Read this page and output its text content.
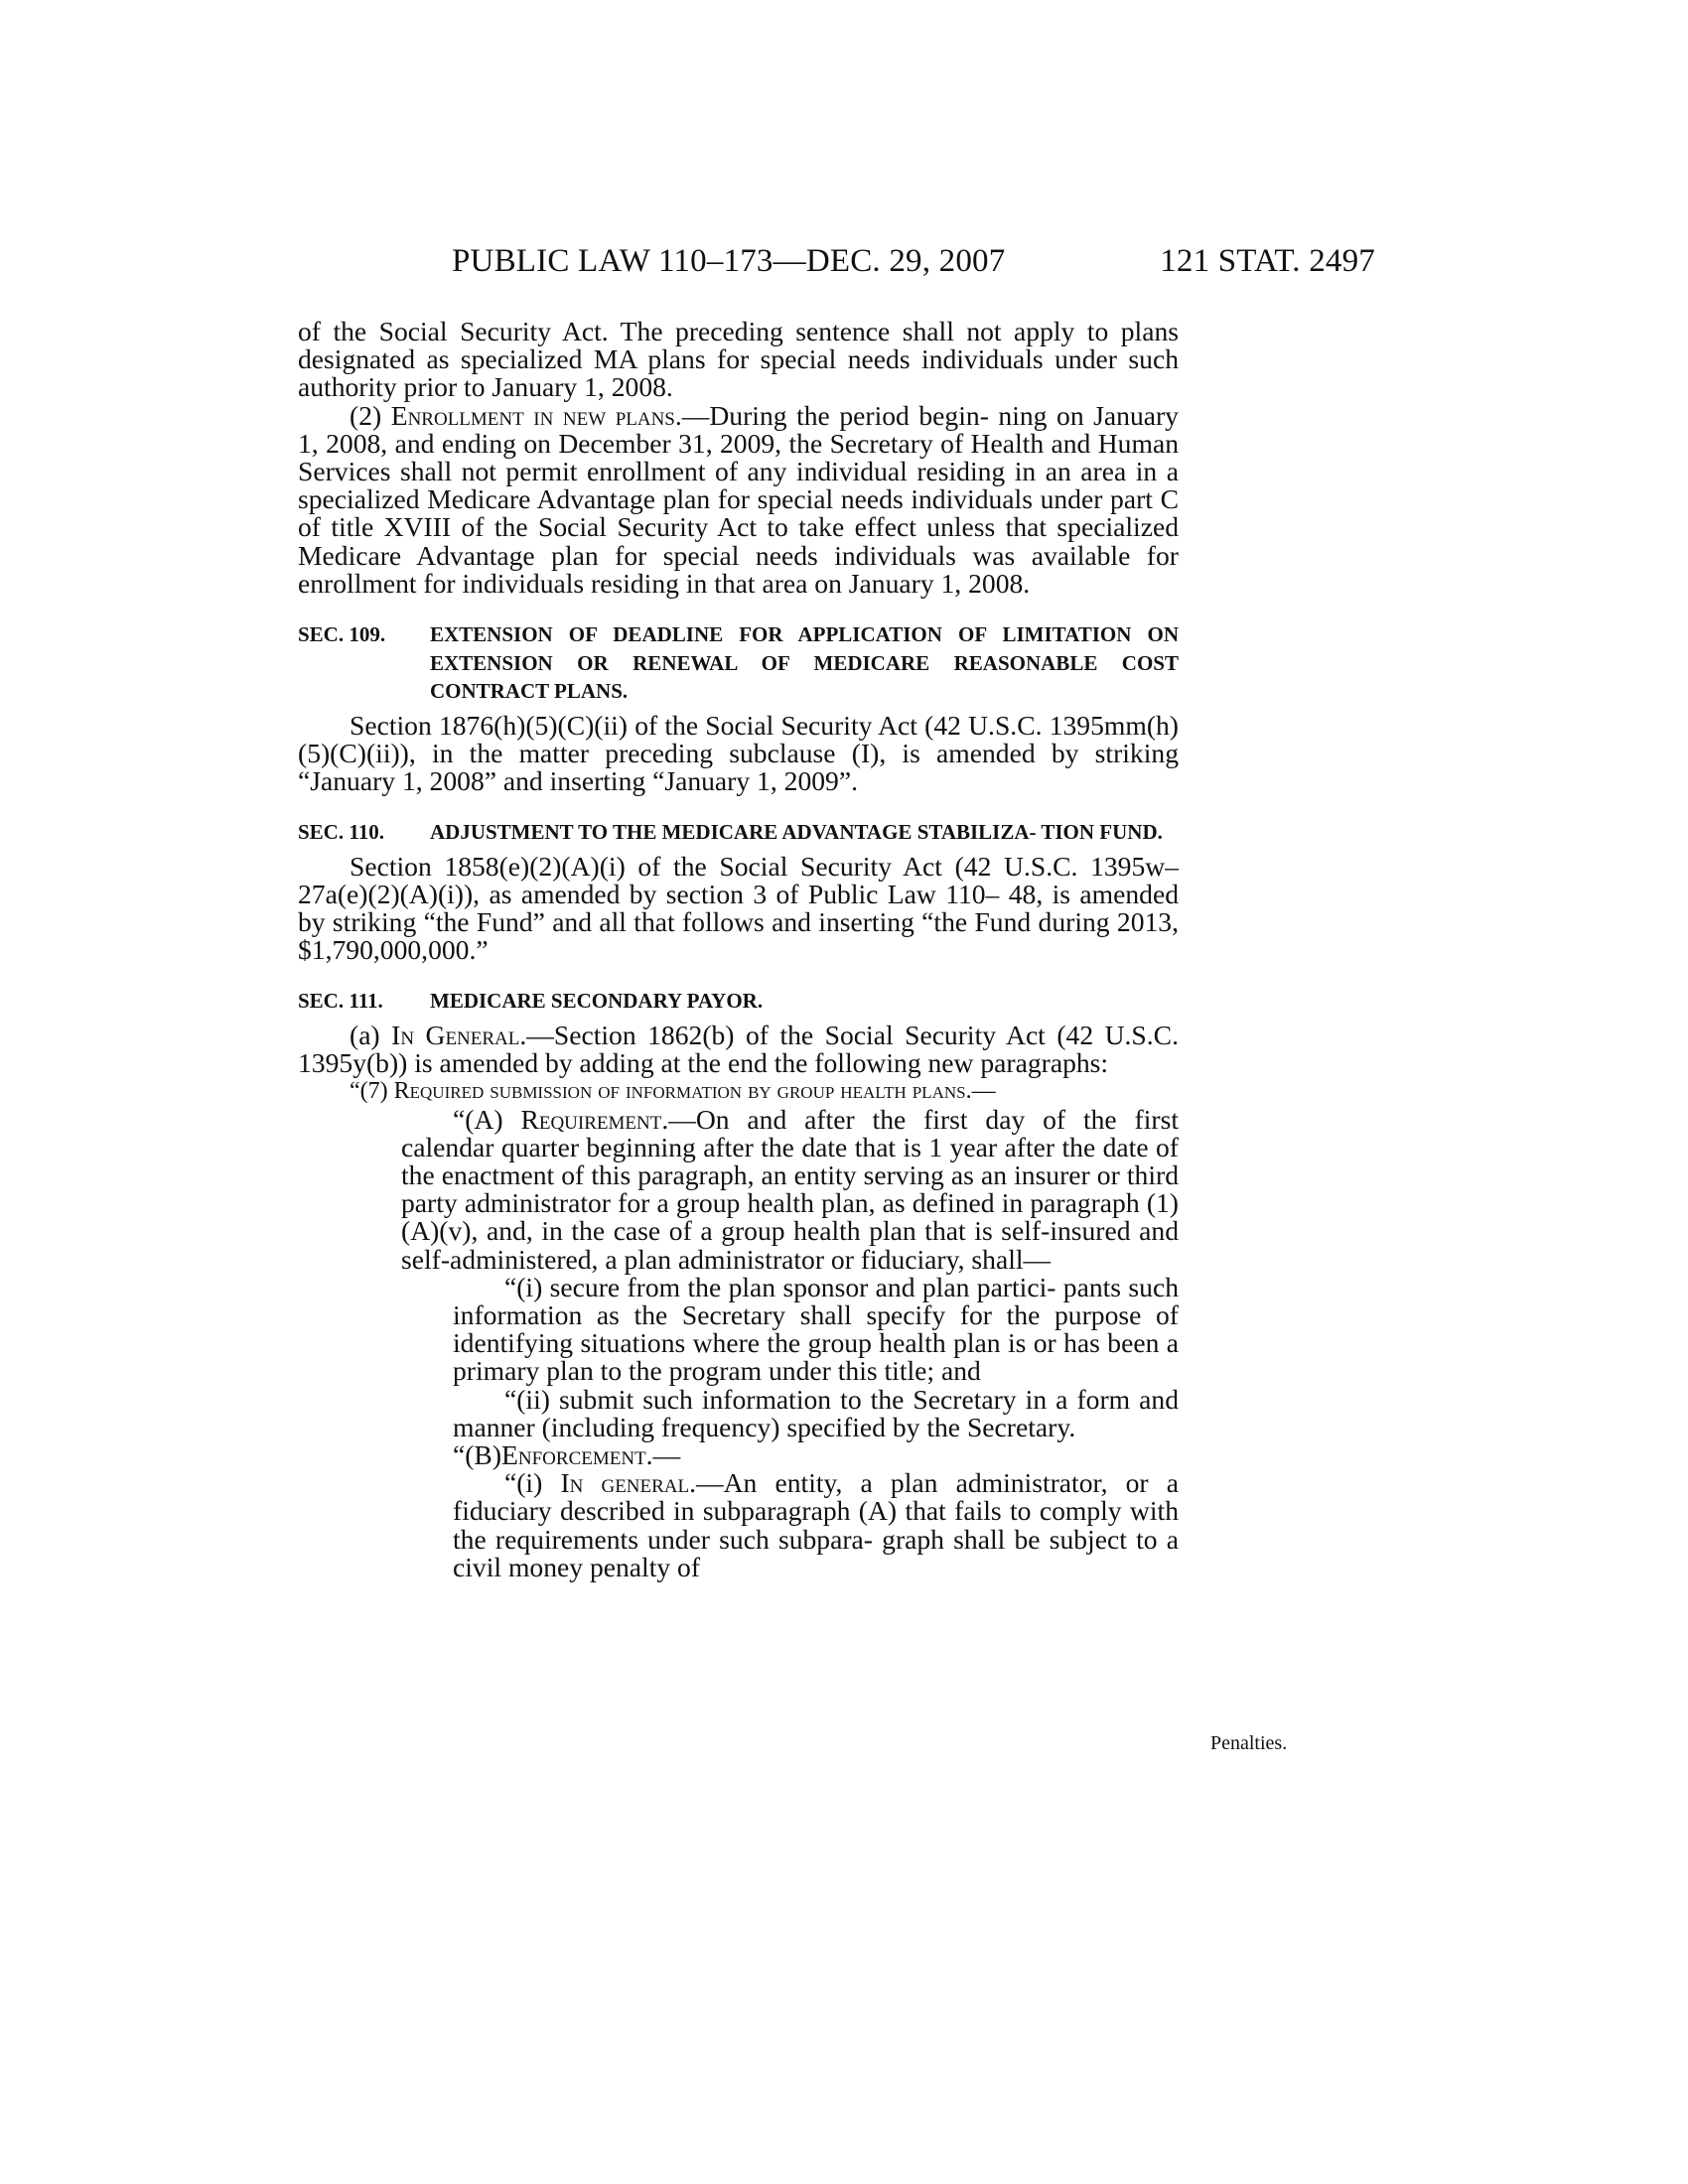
PUBLIC LAW 110–173—DEC. 29, 2007	121 STAT. 2497

of the Social Security Act. The preceding sentence shall not apply to plans designated as specialized MA plans for special needs individuals under such authority prior to January 1, 2008.

(2) Enrollment in new plans.—During the period begin- ning on January 1, 2008, and ending on December 31, 2009, the Secretary of Health and Human Services shall not permit enrollment of any individual residing in an area in a specialized Medicare Advantage plan for special needs individuals under part C of title XVIII of the Social Security Act to take effect unless that specialized Medicare Advantage plan for special needs individuals was available for enrollment for individuals residing in that area on January 1, 2008.

SEC. 109. EXTENSION OF DEADLINE FOR APPLICATION OF LIMITATION ON EXTENSION OR RENEWAL OF MEDICARE REASONABLE COST CONTRACT PLANS.

Section 1876(h)(5)(C)(ii) of the Social Security Act (42 U.S.C. 1395mm(h)(5)(C)(ii)), in the matter preceding subclause (I), is amended by striking “January 1, 2008” and inserting “January 1, 2009”.

SEC. 110. ADJUSTMENT TO THE MEDICARE ADVANTAGE STABILIZA- TION FUND.

Section 1858(e)(2)(A)(i) of the Social Security Act (42 U.S.C. 1395w–27a(e)(2)(A)(i)), as amended by section 3 of Public Law 110– 48, is amended by striking “the Fund” and all that follows and inserting “the Fund during 2013, $1,790,000,000.”

SEC. 111. MEDICARE SECONDARY PAYOR.

(a) In General.—Section 1862(b) of the Social Security Act (42 U.S.C. 1395y(b)) is amended by adding at the end the following new paragraphs:

“(7) Required submission of information by group health plans.—

“(A) Requirement.—On and after the first day of the first calendar quarter beginning after the date that is 1 year after the date of the enactment of this paragraph, an entity serving as an insurer or third party administrator for a group health plan, as defined in paragraph (1)(A)(v), and, in the case of a group health plan that is self-insured and self-administered, a plan administrator or fiduciary, shall—

“(i) secure from the plan sponsor and plan partici- pants such information as the Secretary shall specify for the purpose of identifying situations where the group health plan is or has been a primary plan to the program under this title; and

“(ii) submit such information to the Secretary in a form and manner (including frequency) specified by the Secretary.

“(B)Enforcement.—

“(i) In general.—An entity, a plan administrator, or a fiduciary described in subparagraph (A) that fails to comply with the requirements under such subpara- graph shall be subject to a civil money penalty of

Penalties.
